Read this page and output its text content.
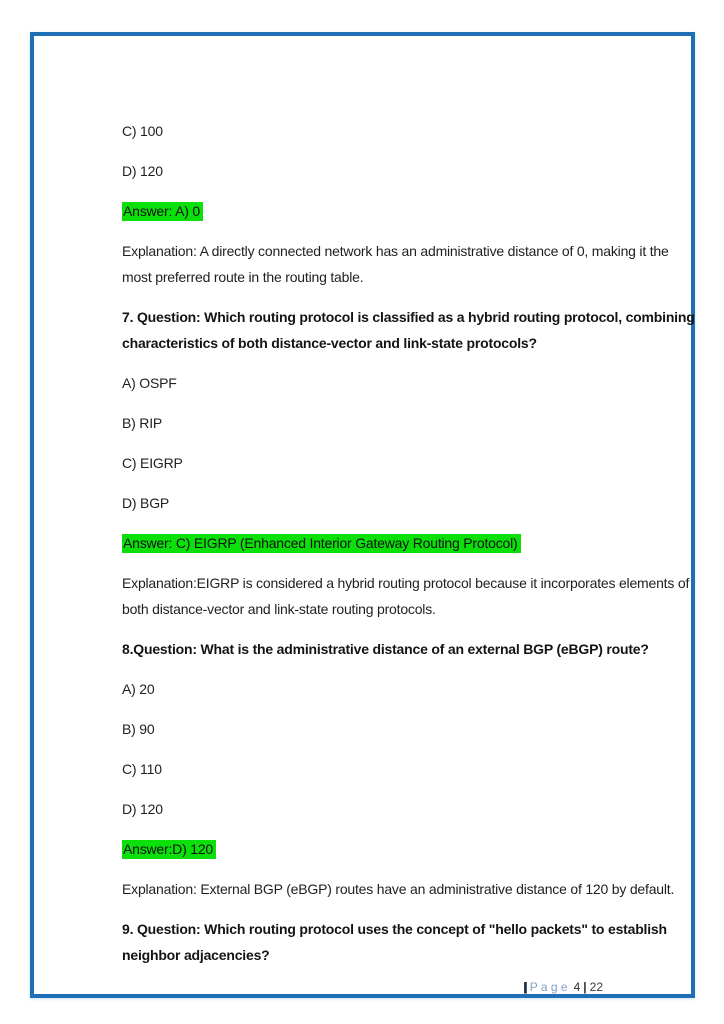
C) 100

D) 120

Answer: A) 0

Explanation: A directly connected network has an administrative distance of 0, making it the most preferred route in the routing table.

7. Question: Which routing protocol is classified as a hybrid routing protocol, combining characteristics of both distance-vector and link-state protocols?

A) OSPF

B) RIP

C) EIGRP

D) BGP

Answer: C) EIGRP (Enhanced Interior Gateway Routing Protocol)

Explanation:EIGRP is considered a hybrid routing protocol because it incorporates elements of both distance-vector and link-state routing protocols.

8.Question: What is the administrative distance of an external BGP (eBGP) route?

A) 20

B) 90

C) 110

D) 120

Answer:D) 120

Explanation: External BGP (eBGP) routes have an administrative distance of 120 by default.

9. Question: Which routing protocol uses the concept of "hello packets" to establish neighbor adjacencies?

|| P a g e 4 | 22
